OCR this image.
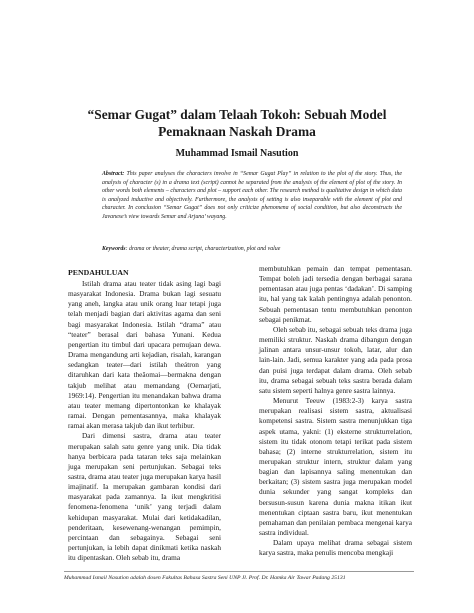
“Semar Gugat” dalam Telaah Tokoh: Sebuah Model
Pemaknaan Naskah Drama
Muhammad Ismail Nasution
Abstract: This paper analyses the characters involve in “Semar Gugat Play” in relation to the plot of the story. Thus, the analysis of character (s) in a drama text (script) cannot be separated from the analysis of the element of plot of the story. In other words both elements – characters and plot – support each other. The research method is qualitative design in which data is analyzed inductive and objectively. Furthermore, the analysis of setting is also inseparable with the element of plot and character. In conclusion “Semar Gugat” does not only criticize phenomena of social condition, but also deconstructs the Javanese’s view towards Semar and Arjuna’ wayang.
Keywords: drama or theater, drama script, characterization, plot and value
PENDAHULUAN

Istilah drama atau teater tidak asing lagi bagi masyarakat Indonesia. Drama bukan lagi sesuatu yang aneh, langka atau unik orang luar tetapi juga telah menjadi bagian dari aktivitas agama dan seni bagi masyarakat Indonesia. Istilah “drama” atau “teater” berasal dari bahasa Yunani. Kedua pengertian itu timbul dari upacara pemujaan dewa. Drama mengandung arti kejadian, risalah, karangan sedangkan teater—dari istilah theátron yang ditaruhkan dari kata theâomai—bermakna dengan takjub melihat atau memandang (Oemarjati, 1969:14). Pengertian itu menandakan bahwa drama atau teater memang dipertontonkan ke khalayak ramai. Dengan pementasannya, maka khalayak ramai akan merasa takjub dan ikut terhibur.

Dari dimensi sastra, drama atau teater merupakan salah satu genre yang unik. Dia tidak hanya berbicara pada tataran teks saja melainkan juga merupakan seni pertunjukan. Sebagai teks sastra, drama atau teater juga merupakan karya hasil imajinatif. Ia merupakan gambaran kondisi dari masyarakat pada zamannya. Ia ikut mengkritisi fenomena-fenomena ‘unik’ yang terjadi dalam kehidupan masyarakat. Mulai dari ketidakadilan, penderitaan, kesewenang-wenangan pemimpin, percintaan dan sebagainya. Sebagai seni pertunjukan, ia lebih dapat dinikmati ketika naskah itu dipentaskan. Oleh sebab itu, drama

membutuhkan pemain dan tempat pementasan. Tempat boleh jadi tersedia dengan berbagai sarana pementasan atau juga pentas ‘dadakan’. Di samping itu, hal yang tak kalah pentingnya adalah penonton. Sebuah pementasan tentu membutuhkan penonton sebagai penikmat.

Oleh sebab itu, sebagai sebuah teks drama juga memiliki struktur. Naskah drama dibangun dengan jalinan antara unsur-unsur tokoh, latar, alur dan lain-lain. Jadi, semua karakter yang ada pada prosa dan puisi juga terdapat dalam drama. Oleh sebab itu, drama sebagai sebuah teks sastra berada dalam satu sistem seperti halnya genre sastra lainnya.

Menurut Teeuw (1983:2-3) karya sastra merupakan realisasi sistem sastra, aktualisasi kompetensi sastra. Sistem sastra menunjukkan tiga aspek utama, yakni: (1) eksterne strukturrelation, sistem itu tidak otonom tetapi terikat pada sistem bahasa; (2) interne strukturrelation, sistem itu merupakan struktur intern, struktur dalam yang bagian dan lapisannya saling menentukan dan berkaitan; (3) sistem sastra juga merupakan model dunia sekunder yang sangat kompleks dan bersusun-susun karena dunia makna itikan ikut menentukan ciptaan sastra baru, ikut menentukan pemahaman dan penilaian pembaca mengenai karya sastra individual.

Dalam upaya melihat drama sebagai sistem karya sastra, maka penulis mencoba mengkaji

Muhammad Ismail Nasution adalah dosen Fakultas Bahasa Sastra Seni UNP Jl. Prof. Dr. Hamka Air Tawar Padang 25131
